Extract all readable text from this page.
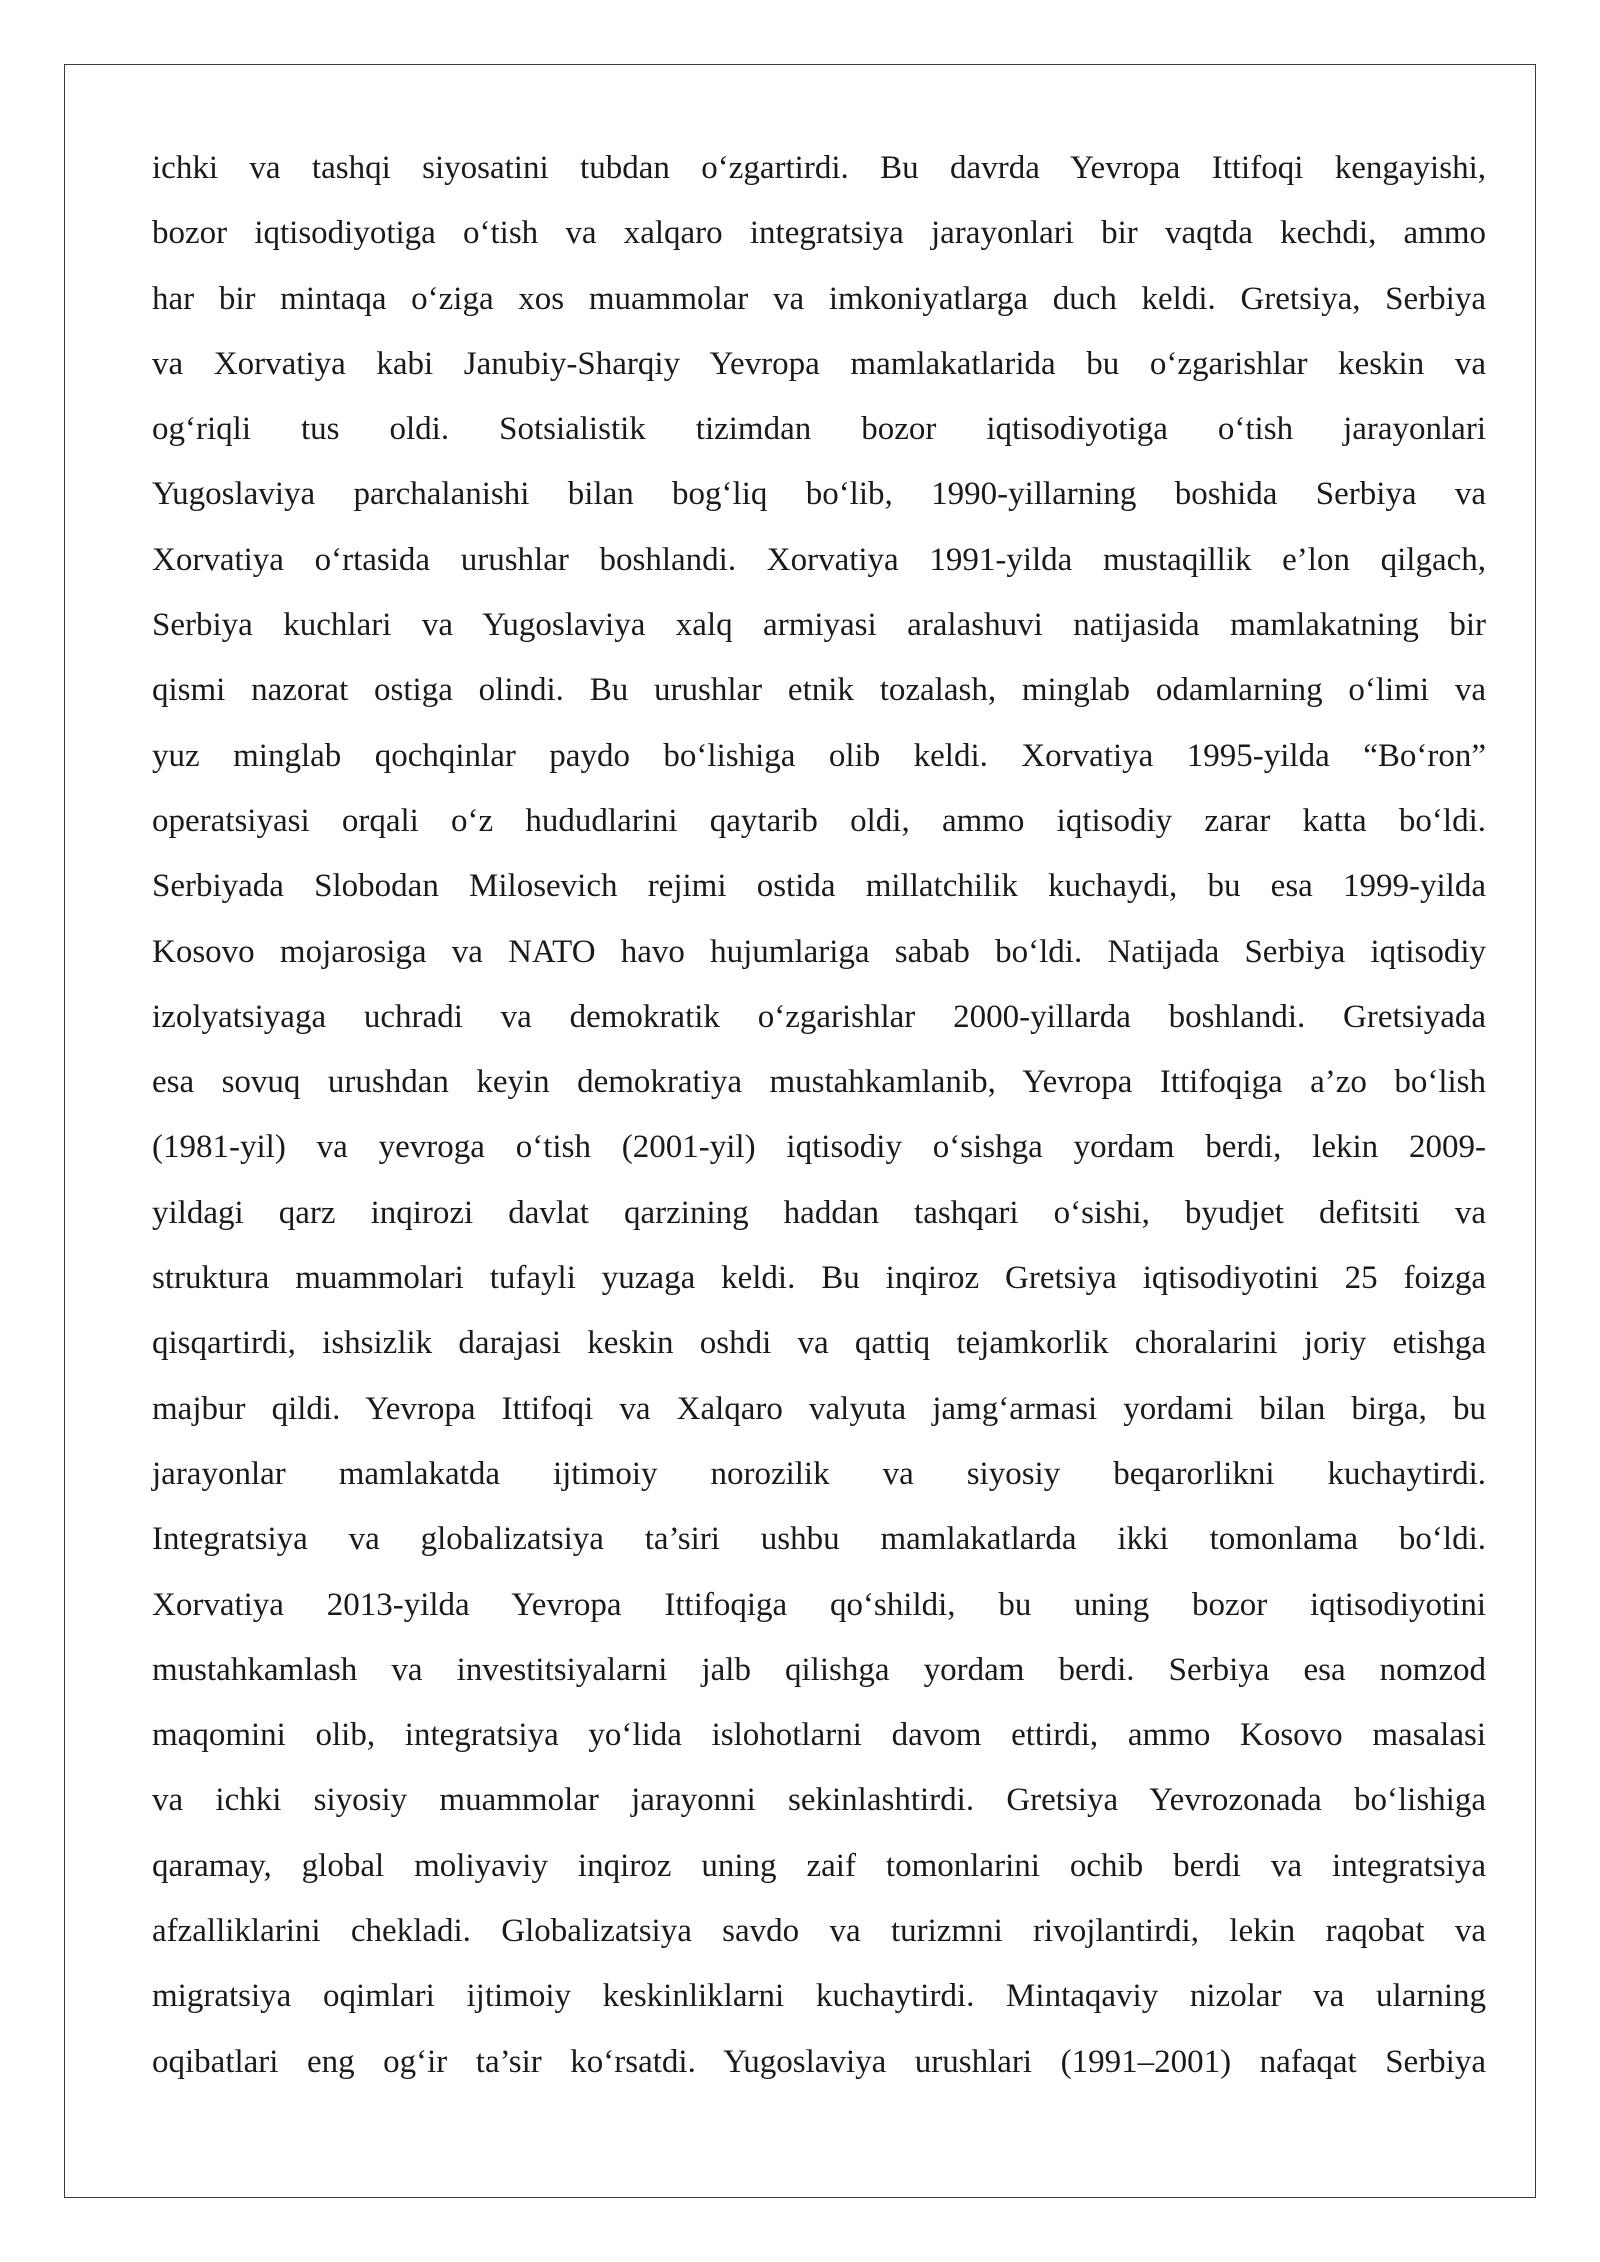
ichki va tashqi siyosatini tubdan o‘zgartirdi. Bu davrda Yevropa Ittifoqi kengayishi,
bozor iqtisodiyotiga o‘tish va xalqaro integratsiya jarayonlari bir vaqtda kechdi, ammo
har bir mintaqa o‘ziga xos muammolar va imkoniyatlarga duch keldi. Gretsiya, Serbiya
va Xorvatiya kabi Janubiy-Sharqiy Yevropa mamlakatlarida bu o‘zgarishlar keskin va
og‘riqli tus oldi. Sotsialistik tizimdan bozor iqtisodiyotiga o‘tish jarayonlari
Yugoslaviya parchalanishi bilan bog‘liq bo‘lib, 1990-yillarning boshida Serbiya va
Xorvatiya o‘rtasida urushlar boshlandi. Xorvatiya 1991-yilda mustaqillik e’lon qilgach,
Serbiya kuchlari va Yugoslaviya xalq armiyasi aralashuvi natijasida mamlakatning bir
qismi nazorat ostiga olindi. Bu urushlar etnik tozalash, minglab odamlarning o‘limi va
yuz minglab qochqinlar paydo bo‘lishiga olib keldi. Xorvatiya 1995-yilda “Bo‘ron”
operatsiyasi orqali o‘z hududlarini qaytarib oldi, ammo iqtisodiy zarar katta bo‘ldi.
Serbiyada Slobodan Milosevich rejimi ostida millatchilik kuchaydi, bu esa 1999-yilda
Kosovo mojarosiga va NATO havo hujumlariga sabab bo‘ldi. Natijada Serbiya iqtisodiy
izolyatsiyaga uchradi va demokratik o‘zgarishlar 2000-yillarda boshlandi. Gretsiyada
esa sovuq urushdan keyin demokratiya mustahkamlanib, Yevropa Ittifoqiga a’zo bo‘lish
(1981-yil) va yevroga o‘tish (2001-yil) iqtisodiy o‘sishga yordam berdi, lekin 2009-
yildagi qarz inqirozi davlat qarzining haddan tashqari o‘sishi, byudjet defitsiti va
struktura muammolari tufayli yuzaga keldi. Bu inqiroz Gretsiya iqtisodiyotini 25 foizga
qisqartirdi, ishsizlik darajasi keskin oshdi va qattiq tejamkorlik choralarini joriy etishga
majbur qildi. Yevropa Ittifoqi va Xalqaro valyuta jamg‘armasi yordami bilan birga, bu
jarayonlar mamlakatda ijtimoiy norozilik va siyosiy beqarorlikni kuchaytirdi.
Integratsiya va globalizatsiya ta’siri ushbu mamlakatlarda ikki tomonlama bo‘ldi.
Xorvatiya 2013-yilda Yevropa Ittifoqiga qo‘shildi, bu uning bozor iqtisodiyotini
mustahkamlash va investitsiyalarni jalb qilishga yordam berdi. Serbiya esa nomzod
maqomini olib, integratsiya yo‘lida islohotlarni davom ettirdi, ammo Kosovo masalasi
va ichki siyosiy muammolar jarayonni sekinlashtirdi. Gretsiya Yevrozonada bo‘lishiga
qaramay, global moliyaviy inqiroz uning zaif tomonlarini ochib berdi va integratsiya
afzalliklarini chekladi. Globalizatsiya savdo va turizmni rivojlantirdi, lekin raqobat va
migratsiya oqimlari ijtimoiy keskinliklarni kuchaytirdi. Mintaqaviy nizolar va ularning
oqibatlari eng og‘ir ta’sir ko‘rsatdi. Yugoslaviya urushlari (1991–2001) nafaqat Serbiya
